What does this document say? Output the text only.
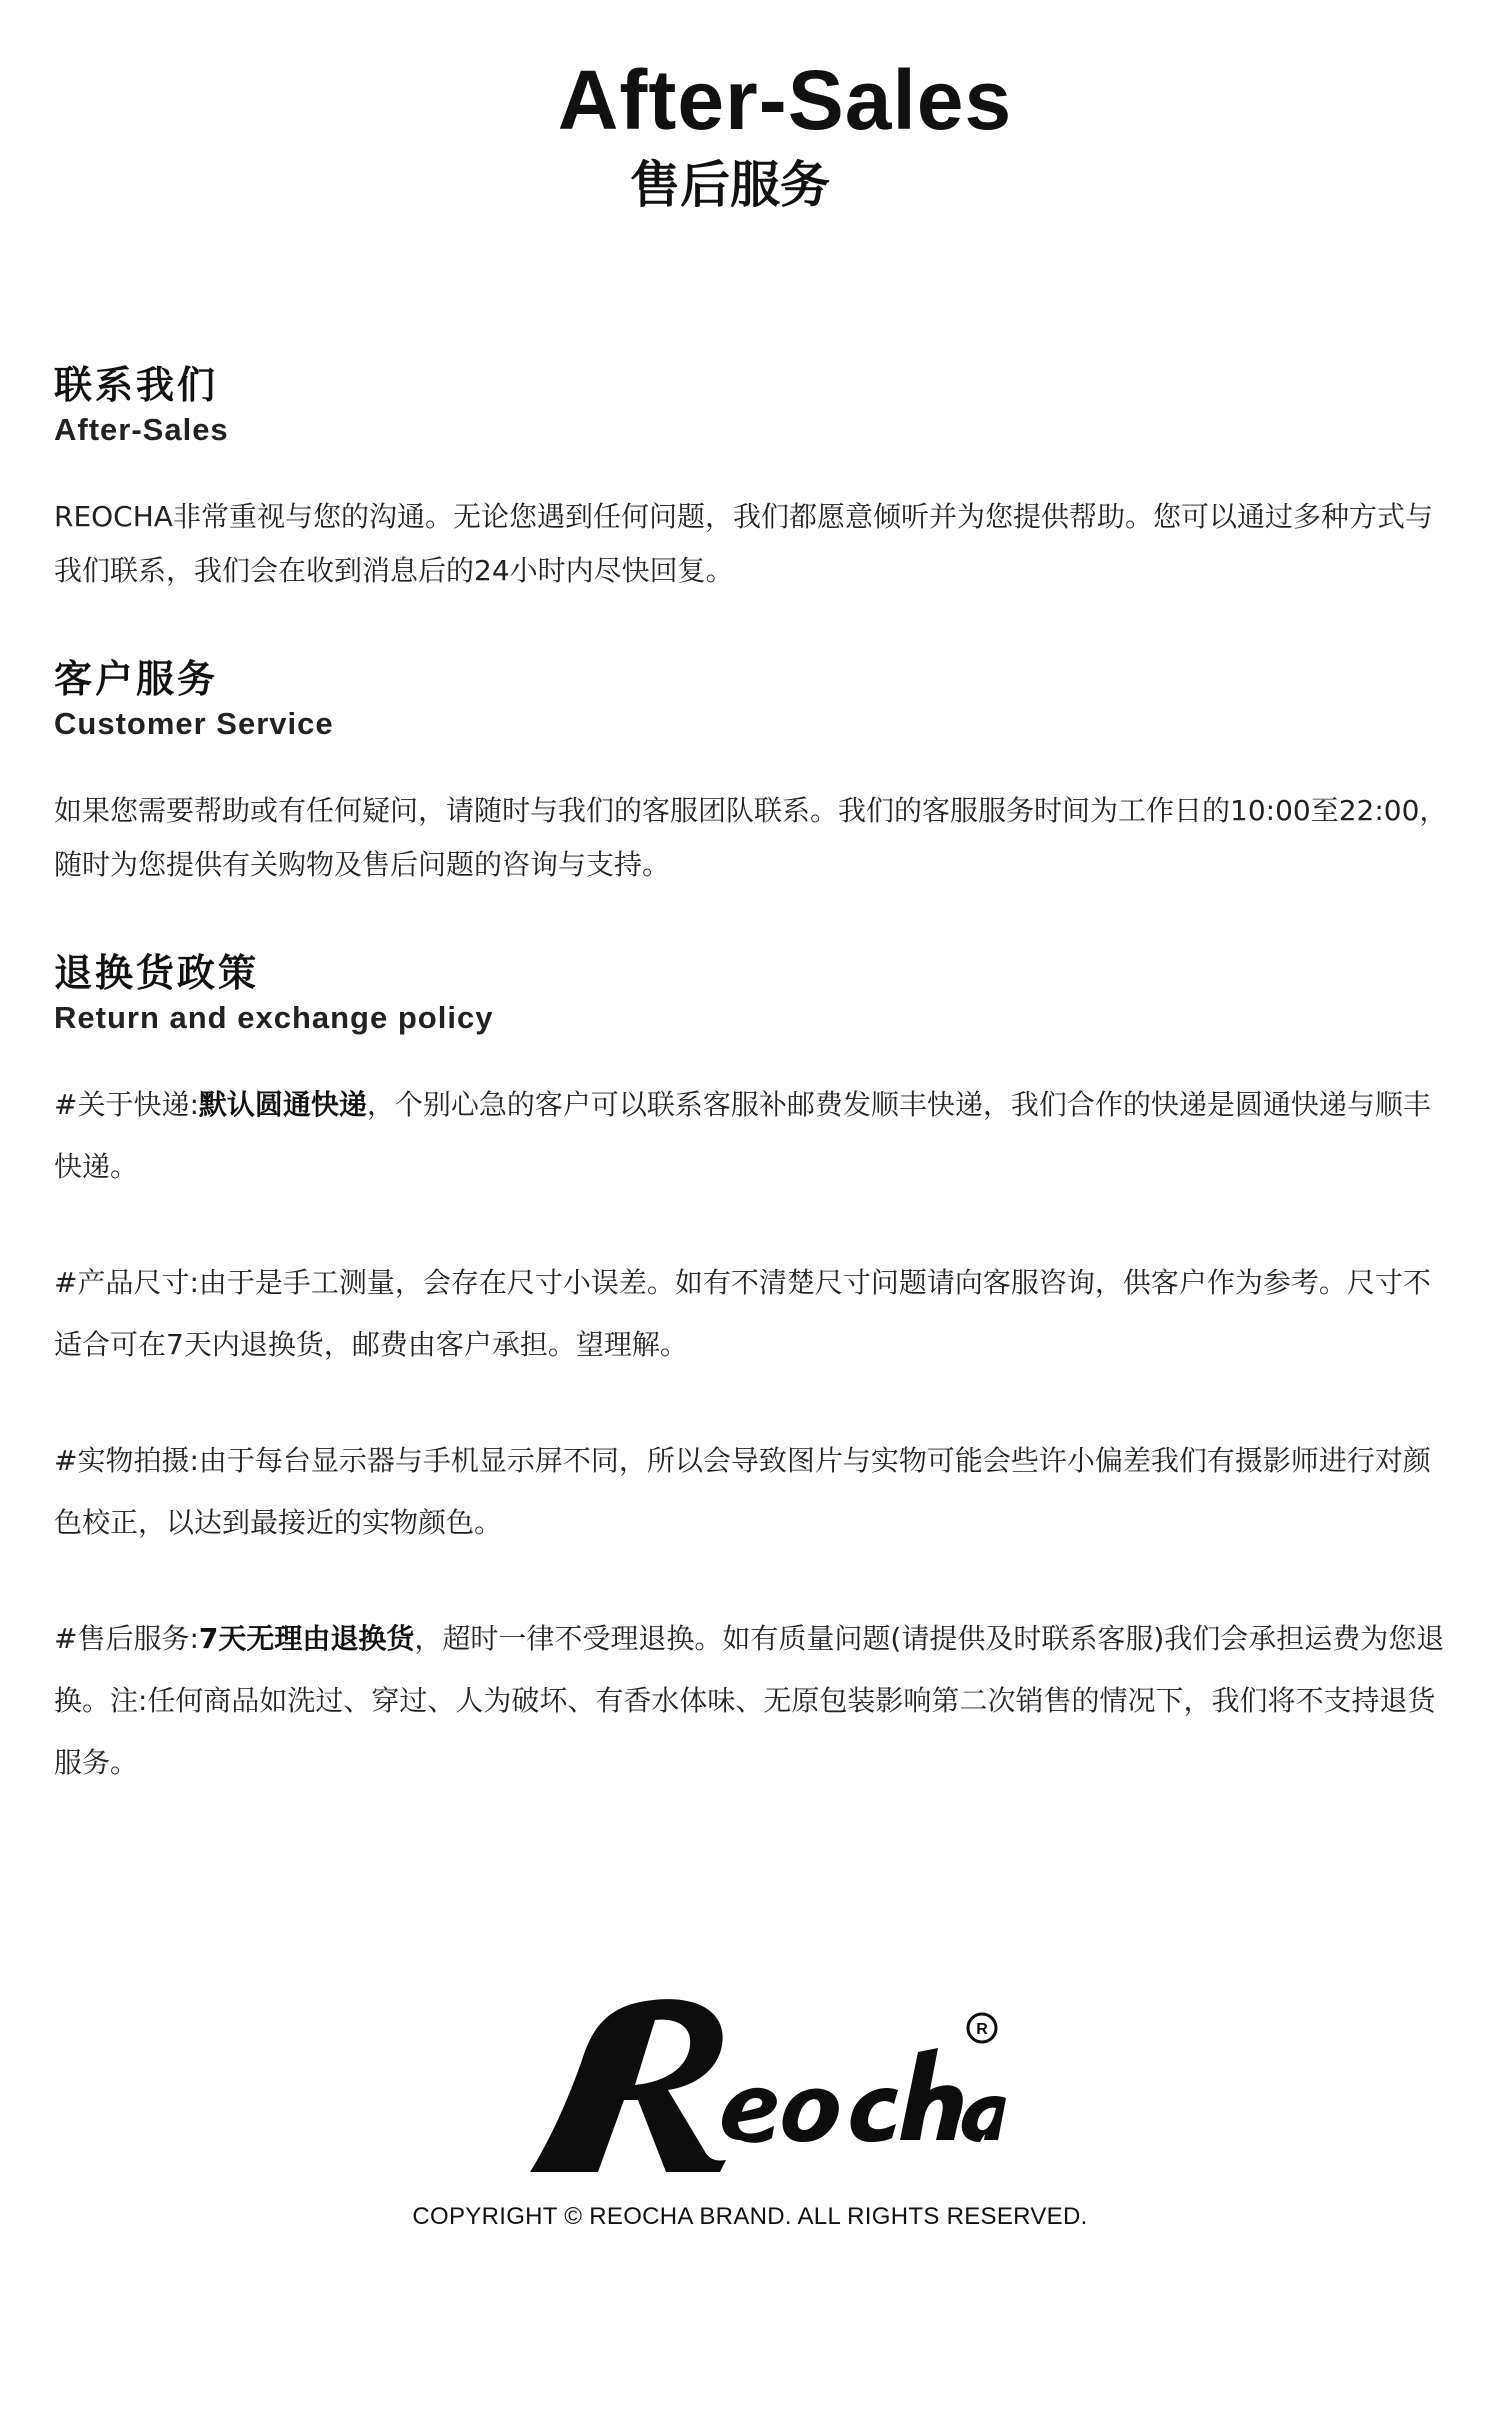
After-Sales
售后服务
联系我们
After-Sales
REOCHA非常重视与您的沟通。无论您遇到任何问题，我们都愿意倾听并为您提供帮助。您可以通过多种方式与我们联系，我们会在收到消息后的24小时内尽快回复。
客户服务
Customer Service
如果您需要帮助或有任何疑问，请随时与我们的客服团队联系。我们的客服服务时间为工作日的10:00至22:00，随时为您提供有关购物及售后问题的咨询与支持。
退换货政策
Return and exchange policy
#关于快递:默认圆通快递，个别心急的客户可以联系客服补邮费发顺丰快递，我们合作的快递是圆通快递与顺丰快递。
#产品尺寸:由于是手工测量，会存在尺寸小误差。如有不清楚尺寸问题请向客服咨询，供客户作为参考。尺寸不适合可在7天内退换货，邮费由客户承担。望理解。
#实物拍摄:由于每台显示器与手机显示屏不同，所以会导致图片与实物可能会些许小偏差我们有摄影师进行对颜色校正，以达到最接近的实物颜色。
#售后服务:7天无理由退换货，超时一律不受理退换。如有质量问题(请提供及时联系客服)我们会承担运费为您退换。注:任何商品如洗过、穿过、人为破坏、有香水体味、无原包装影响第二次销售的情况下，我们将不支持退货服务。
R
COPYRIGHT © REOCHA BRAND. ALL RIGHTS RESERVED.
